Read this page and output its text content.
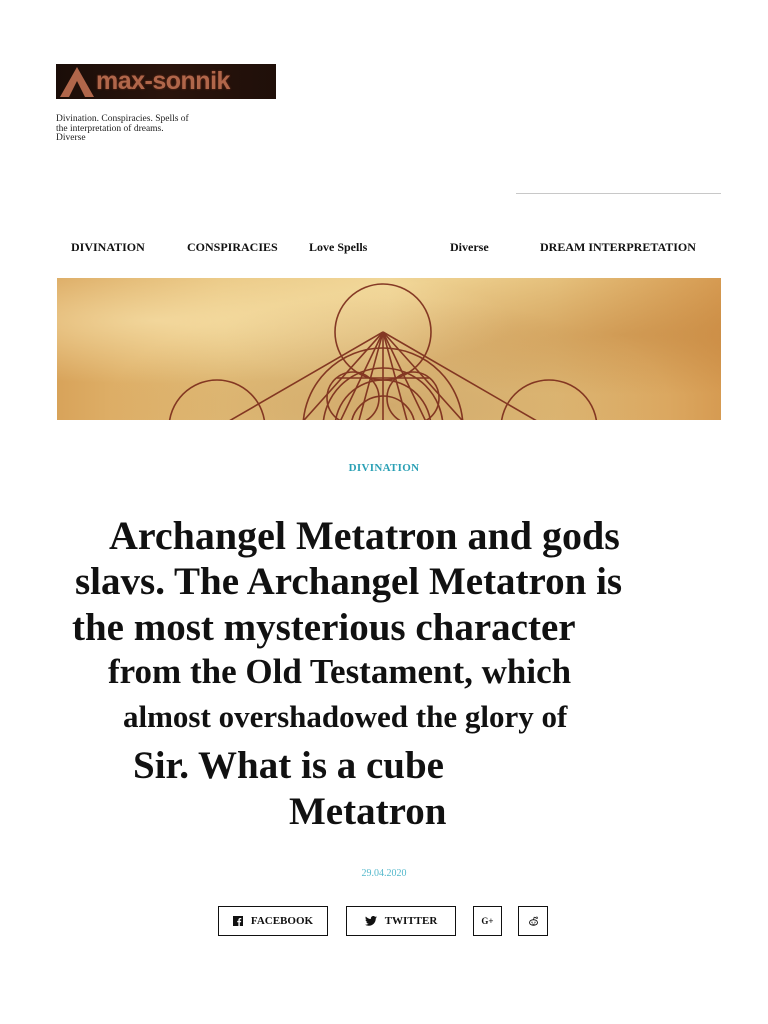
max-sonnik
Divination. Conspiracies. Spells of
the interpretation of dreams.
Diverse
DIVINATION	CONSPIRACIES	Love Spells	Diverse	DREAM INTERPRETATION
DIVINATION
Archangel Metatron and gods
slavs. The Archangel Metatron is
the most mysterious character
from the Old Testament, which
almost overshadowed the glory of
Sir. What is a cube
Metatron
29.04.2020
FACEBOOK	TWITTER	G+
